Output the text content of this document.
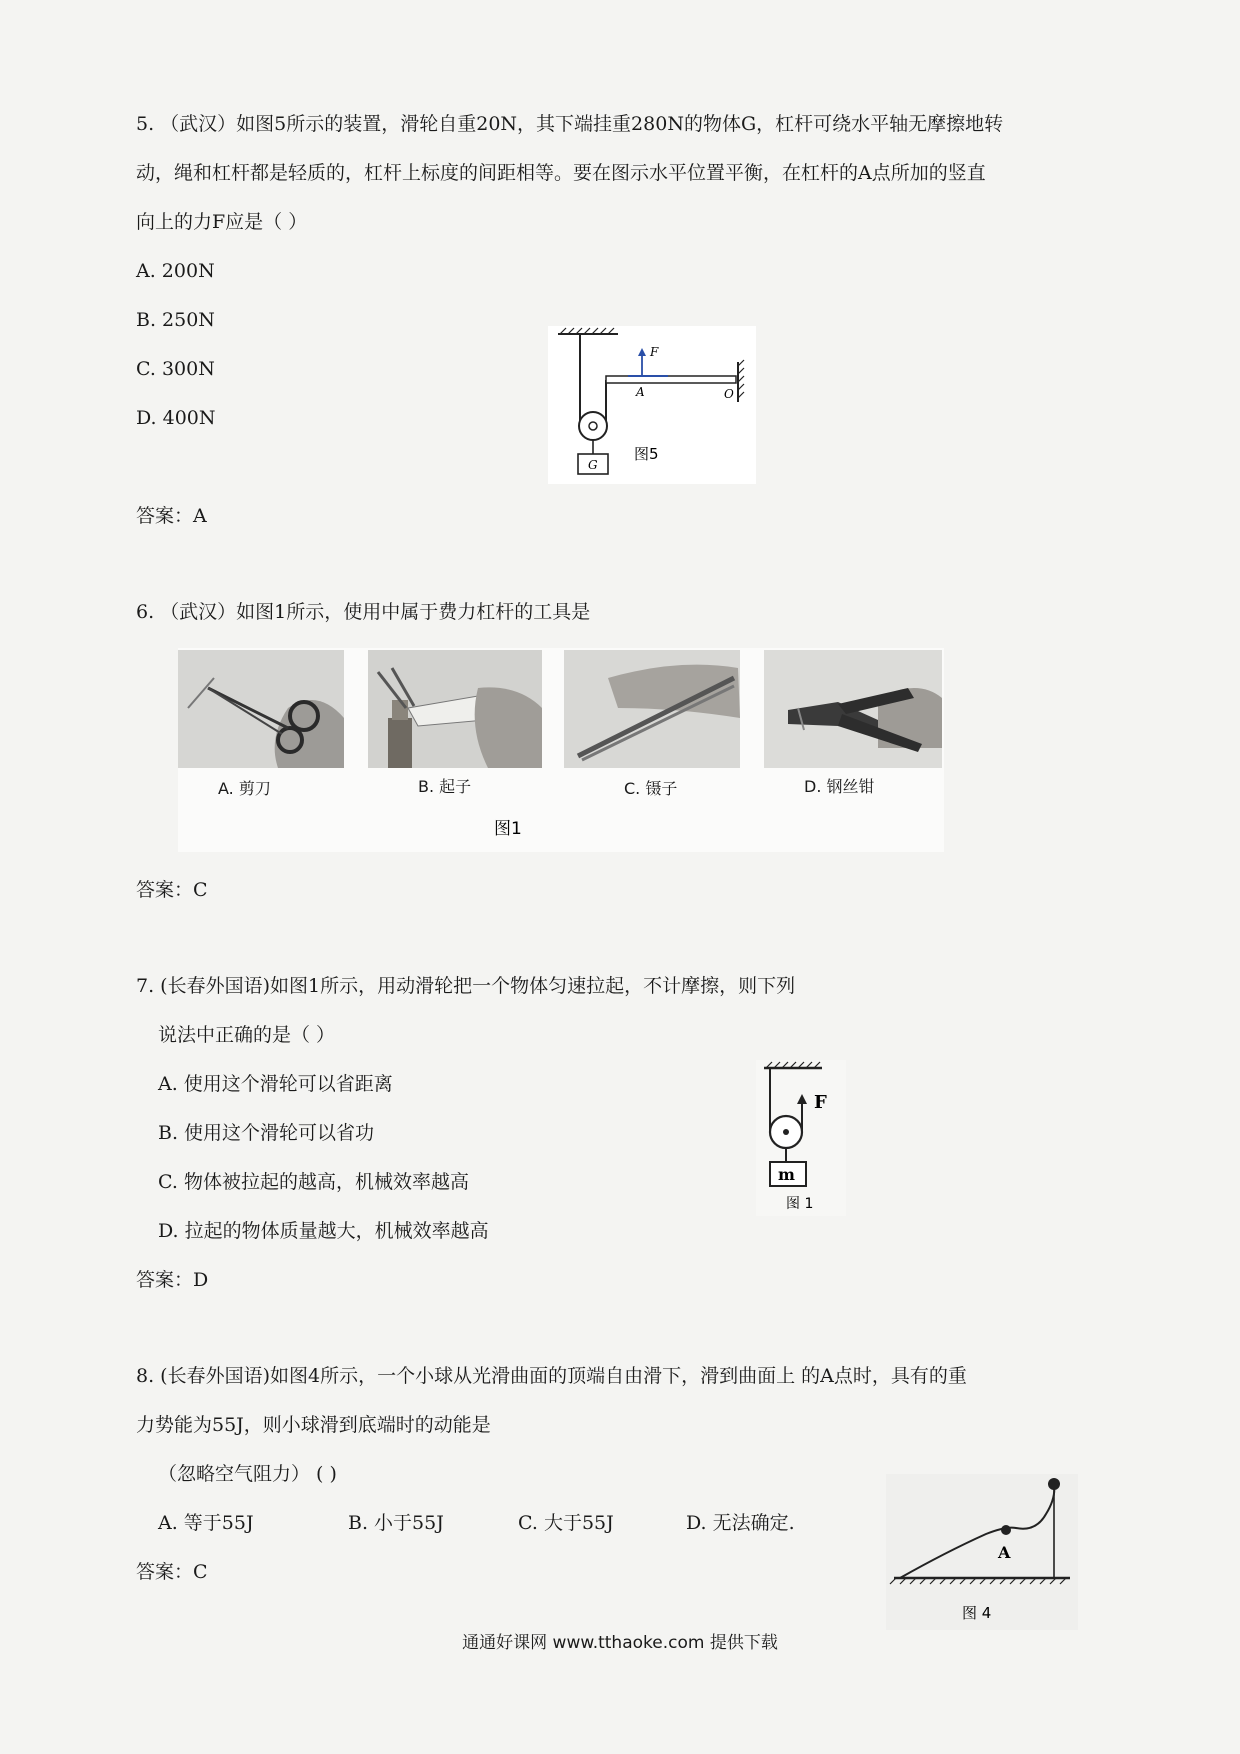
5. （武汉）如图5所示的装置，滑轮自重20N，其下端挂重280N的物体G，杠杆可绕水平轴无摩擦地转
动，绳和杠杆都是轻质的，杠杆上标度的间距相等。要在图示水平位置平衡，在杠杆的A点所加的竖直
向上的力F应是（ ）
A. 200N
B. 250N
C. 300N
D. 400N
F
A	O
G
图5
答案：A
6. （武汉）如图1所示，使用中属于费力杠杆的工具是
图1
A. 剪刀	B. 起子	C. 镊子	D. 钢丝钳
答案：C
7. (长春外国语)如图1所示，用动滑轮把一个物体匀速拉起，不计摩擦，则下列
说法中正确的是（ ）
A. 使用这个滑轮可以省距离
B. 使用这个滑轮可以省功
C. 物体被拉起的越高，机械效率越高
D. 拉起的物体质量越大，机械效率越高
F
m
图 1
答案：D
8. (长春外国语)如图4所示，一个小球从光滑曲面的顶端自由滑下，滑到曲面上 的A点时，具有的重
力势能为55J，则小球滑到底端时的动能是
（忽略空气阻力） ( )
A. 等于55J	B. 小于55J	C. 大于55J	D. 无法确定.
A
图 4
答案：C
通通好课网 www.tthaoke.com 提供下载
